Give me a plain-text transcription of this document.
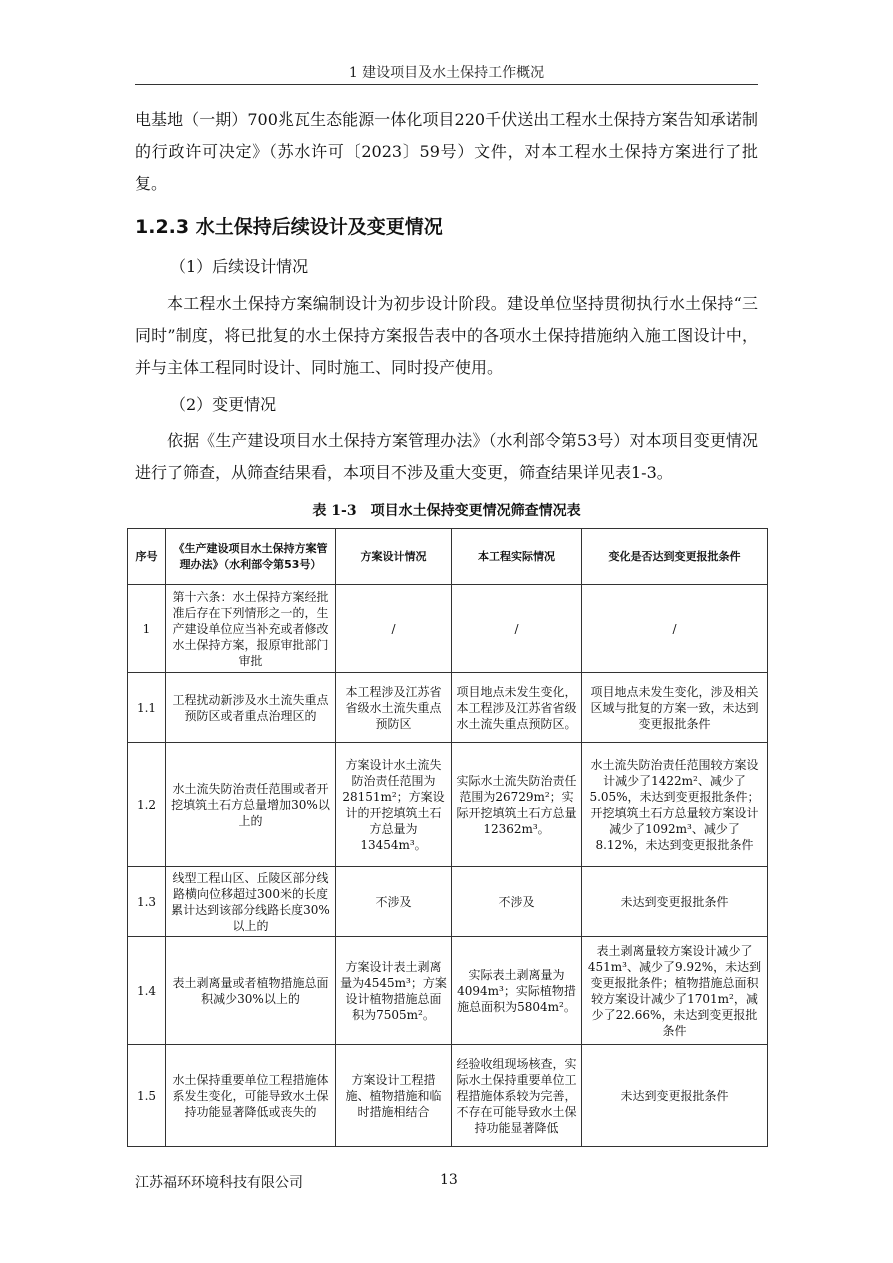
1 建设项目及水土保持工作概况

电基地（一期）700兆瓦生态能源一体化项目220千伏送出工程水土保持方案告知承诺制的行政许可决定》（苏水许可〔2023〕59号）文件，对本工程水土保持方案进行了批复。

1.2.3 水土保持后续设计及变更情况

（1）后续设计情况

本工程水土保持方案编制设计为初步设计阶段。建设单位坚持贯彻执行水土保持“三同时”制度，将已批复的水土保持方案报告表中的各项水土保持措施纳入施工图设计中，并与主体工程同时设计、同时施工、同时投产使用。

（2）变更情况

依据《生产建设项目水土保持方案管理办法》（水利部令第53号）对本项目变更情况进行了筛查，从筛查结果看，本项目不涉及重大变更，筛查结果详见表1-3。

表 1-3　项目水土保持变更情况筛查情况表
序号	《生产建设项目水土保持方案管理办法》（水利部令第53号）	方案设计情况	本工程实际情况	变化是否达到变更报批条件
1	第十六条：水土保持方案经批准后存在下列情形之一的，生产建设单位应当补充或者修改水土保持方案，报原审批部门审批	/	/	/
1.1	工程扰动新涉及水土流失重点预防区或者重点治理区的	本工程涉及江苏省省级水土流失重点预防区	项目地点未发生变化，本工程涉及江苏省省级水土流失重点预防区。	项目地点未发生变化，涉及相关区域与批复的方案一致，未达到变更报批条件
1.2	水土流失防治责任范围或者开挖填筑土石方总量增加30%以上的	方案设计水土流失防治责任范围为28151m²；方案设计的开挖填筑土石方总量为13454m³。	实际水土流失防治责任范围为26729m²；实际开挖填筑土石方总量12362m³。	水土流失防治责任范围较方案设计减少了1422m²、减少了5.05%，未达到变更报批条件；开挖填筑土石方总量较方案设计减少了1092m³、减少了8.12%，未达到变更报批条件
1.3	线型工程山区、丘陵区部分线路横向位移超过300米的长度累计达到该部分线路长度30%以上的	不涉及	不涉及	未达到变更报批条件
1.4	表土剥离量或者植物措施总面积减少30%以上的	方案设计表土剥离量为4545m³；方案设计植物措施总面积为7505m²。	实际表土剥离量为4094m³；实际植物措施总面积为5804m²。	表土剥离量较方案设计减少了451m³、减少了9.92%，未达到变更报批条件；植物措施总面积较方案设计减少了1701m²，减少了22.66%，未达到变更报批条件
1.5	水土保持重要单位工程措施体系发生变化，可能导致水土保持功能显著降低或丧失的	方案设计工程措施、植物措施和临时措施相结合	经验收组现场核查，实际水土保持重要单位工程措施体系较为完善，不存在可能导致水土保持功能显著降低	未达到变更报批条件
江苏福环环境科技有限公司	13
